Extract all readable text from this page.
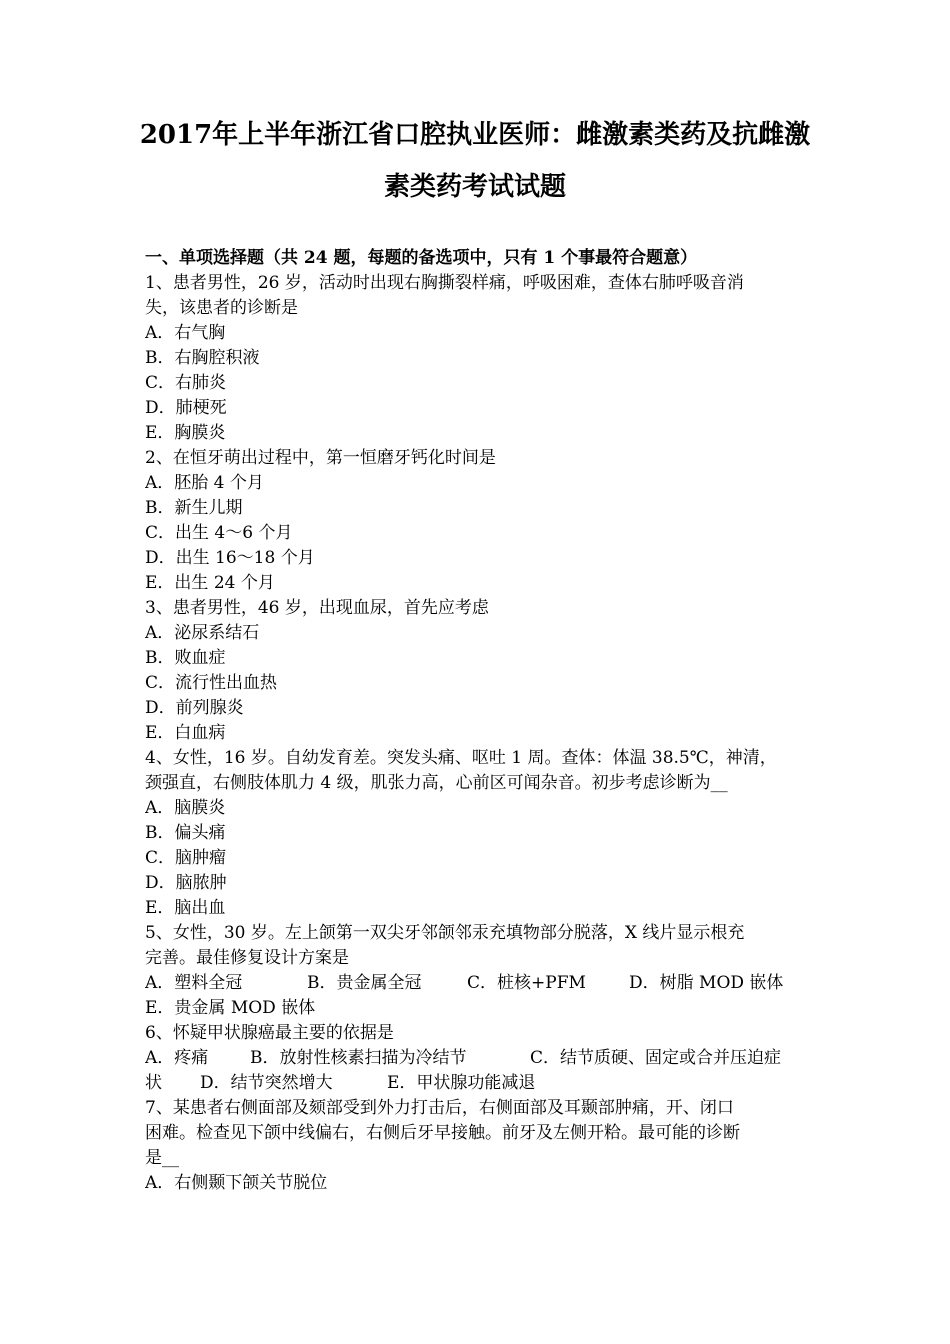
2017年上半年浙江省口腔执业医师：雌激素类药及抗雌激
素类药考试试题
一、单项选择题（共 24 题，每题的备选项中，只有 1 个事最符合题意）
1、患者男性，26 岁，活动时出现右胸撕裂样痛，呼吸困难，查体右肺呼吸音消
失，该患者的诊断是
A．右气胸
B．右胸腔积液
C．右肺炎
D．肺梗死
E．胸膜炎
2、在恒牙萌出过程中，第一恒磨牙钙化时间是
A．胚胎 4 个月
B．新生儿期
C．出生 4～6 个月
D．出生 16～18 个月
E．出生 24 个月
3、患者男性，46 岁，出现血尿，首先应考虑
A．泌尿系结石
B．败血症
C．流行性出血热
D．前列腺炎
E．白血病
4、女性，16 岁。自幼发育差。突发头痛、呕吐 1 周。查体：体温 38.5℃，神清，
颈强直，右侧肢体肌力 4 级，肌张力高，心前区可闻杂音。初步考虑诊断为__
A．脑膜炎
B．偏头痛
C．脑肿瘤
D．脑脓肿
E．脑出血
5、女性，30 岁。左上颌第一双尖牙邻颌邻汞充填物部分脱落，X 线片显示根充
完善。最佳修复设计方案是
A．塑料全冠	B．贵金属全冠	C．桩核+PFM	D．树脂 MOD 嵌体
E．贵金属 MOD 嵌体
6、怀疑甲状腺癌最主要的依据是
A．疼痛	B．放射性核素扫描为冷结节	C．结节质硬、固定或合并压迫症
状	D．结节突然增大	E．甲状腺功能减退
7、某患者右侧面部及颏部受到外力打击后，右侧面部及耳颞部肿痛，开、闭口
困难。检查见下颌中线偏右，右侧后牙早接触。前牙及左侧开粭。最可能的诊断
是__
A．右侧颞下颌关节脱位
